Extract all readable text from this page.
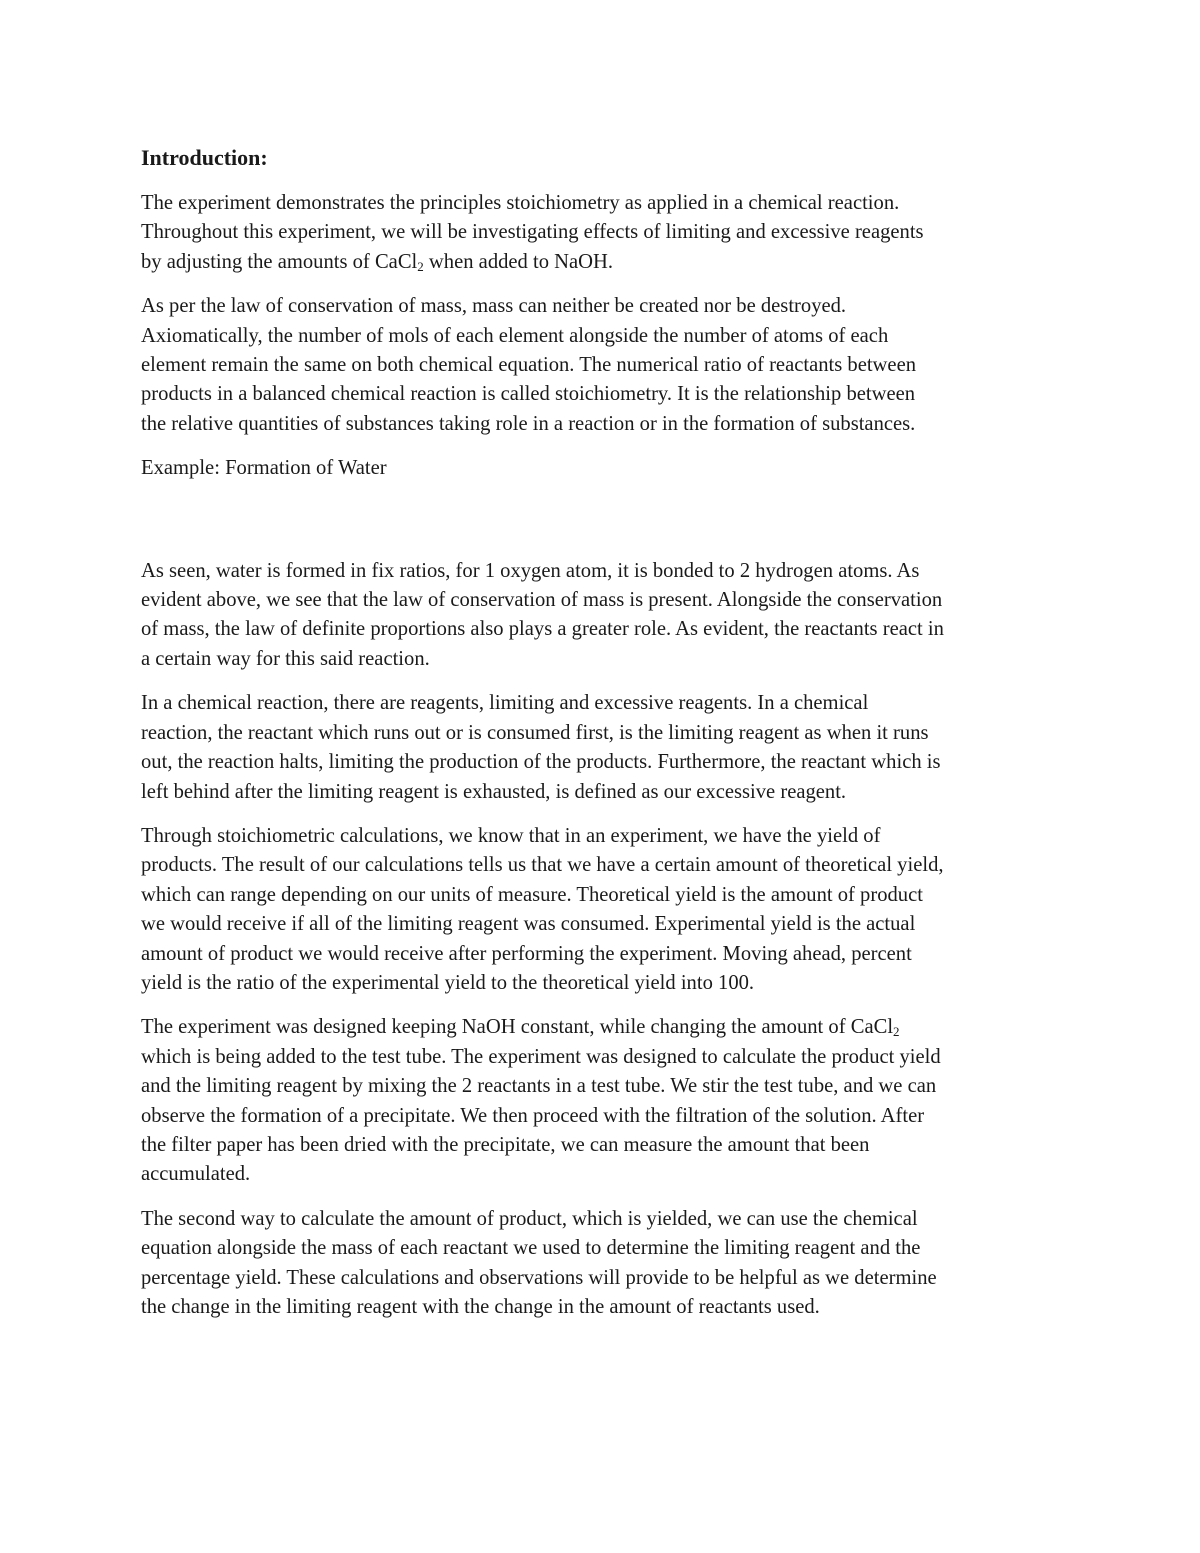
Introduction:

The experiment demonstrates the principles stoichiometry as applied in a chemical reaction.
Throughout this experiment, we will be investigating effects of limiting and excessive reagents
by adjusting the amounts of CaCl$_2$ when added to NaOH.

As per the law of conservation of mass, mass can neither be created nor be destroyed.
Axiomatically, the number of mols of each element alongside the number of atoms of each
element remain the same on both chemical equation. The numerical ratio of reactants between
products in a balanced chemical reaction is called stoichiometry. It is the relationship between
the relative quantities of substances taking role in a reaction or in the formation of substances.

Example: Formation of Water

As seen, water is formed in fix ratios, for 1 oxygen atom, it is bonded to 2 hydrogen atoms. As
evident above, we see that the law of conservation of mass is present. Alongside the conservation
of mass, the law of definite proportions also plays a greater role. As evident, the reactants react in
a certain way for this said reaction.

In a chemical reaction, there are reagents, limiting and excessive reagents. In a chemical
reaction, the reactant which runs out or is consumed first, is the limiting reagent as when it runs
out, the reaction halts, limiting the production of the products. Furthermore, the reactant which is
left behind after the limiting reagent is exhausted, is defined as our excessive reagent.

Through stoichiometric calculations, we know that in an experiment, we have the yield of
products. The result of our calculations tells us that we have a certain amount of theoretical yield,
which can range depending on our units of measure. Theoretical yield is the amount of product
we would receive if all of the limiting reagent was consumed. Experimental yield is the actual
amount of product we would receive after performing the experiment. Moving ahead, percent
yield is the ratio of the experimental yield to the theoretical yield into 100.

The experiment was designed keeping NaOH constant, while changing the amount of CaCl$_2$
which is being added to the test tube. The experiment was designed to calculate the product yield
and the limiting reagent by mixing the 2 reactants in a test tube. We stir the test tube, and we can
observe the formation of a precipitate. We then proceed with the filtration of the solution. After
the filter paper has been dried with the precipitate, we can measure the amount that been
accumulated.

The second way to calculate the amount of product, which is yielded, we can use the chemical
equation alongside the mass of each reactant we used to determine the limiting reagent and the
percentage yield. These calculations and observations will provide to be helpful as we determine
the change in the limiting reagent with the change in the amount of reactants used.
